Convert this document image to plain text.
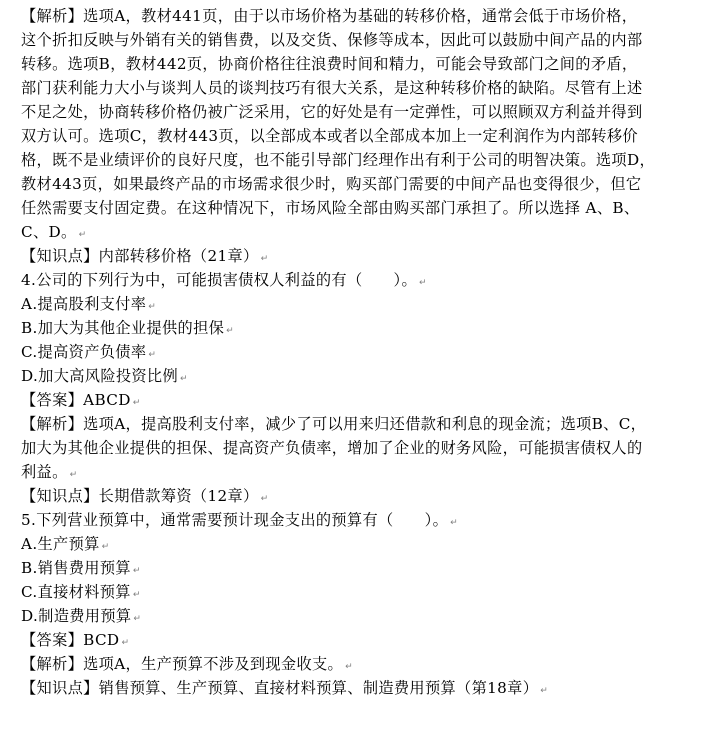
【解析】选项A，教材441页，由于以市场价格为基础的转移价格，通常会低于市场价格，
这个折扣反映与外销有关的销售费，以及交货、保修等成本，因此可以鼓励中间产品的内部
转移。选项B，教材442页，协商价格往往浪费时间和精力，可能会导致部门之间的矛盾，
部门获利能力大小与谈判人员的谈判技巧有很大关系，是这种转移价格的缺陷。尽管有上述
不足之处，协商转移价格仍被广泛采用，它的好处是有一定弹性，可以照顾双方利益并得到
双方认可。选项C，教材443页，以全部成本或者以全部成本加上一定利润作为内部转移价
格，既不是业绩评价的良好尺度，也不能引导部门经理作出有利于公司的明智决策。选项D，
教材443页，如果最终产品的市场需求很少时，购买部门需要的中间产品也变得很少，但它
任然需要支付固定费。在这种情况下，市场风险全部由购买部门承担了。所以选择 A、B、
C、D。 ↵
【知识点】内部转移价格（21章） ↵
4.公司的下列行为中，可能损害债权人利益的有（　　）。 ↵
A.提高股利支付率 ↵
B.加大为其他企业提供的担保 ↵
C.提高资产负债率 ↵
D.加大高风险投资比例 ↵
【答案】ABCD ↵
【解析】选项A，提高股利支付率，减少了可以用来归还借款和利息的现金流；选项B、C，
加大为其他企业提供的担保、提高资产负债率，增加了企业的财务风险，可能损害债权人的
利益。 ↵
【知识点】长期借款筹资（12章） ↵
5.下列营业预算中，通常需要预计现金支出的预算有（　　）。 ↵
A.生产预算 ↵
B.销售费用预算 ↵
C.直接材料预算 ↵
D.制造费用预算 ↵
【答案】BCD ↵
【解析】选项A，生产预算不涉及到现金收支。 ↵
【知识点】销售预算、生产预算、直接材料预算、制造费用预算（第18章） ↵
